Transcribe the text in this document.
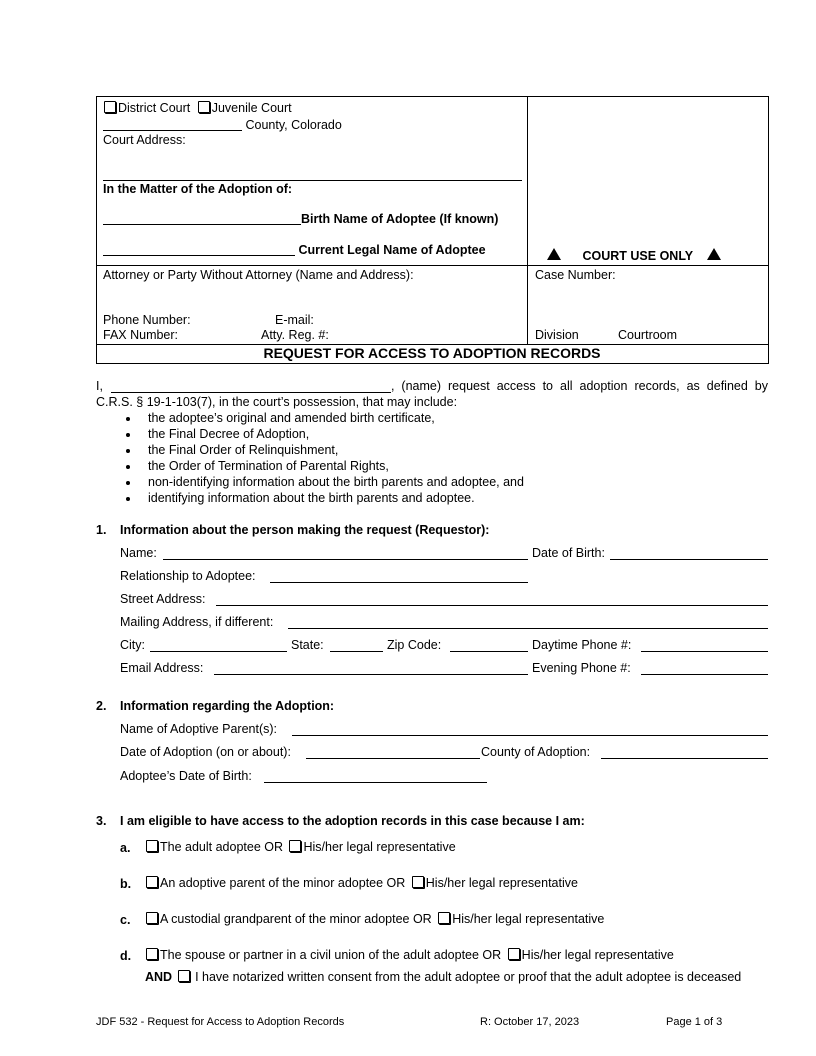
District Court Juvenile Court
County, Colorado
Court Address:
In the Matter of the Adoption of:
Birth Name of Adoptee (If known)
Current Legal Name of Adoptee	COURT USE ONLY
Attorney or Party Without Attorney (Name and Address):
Phone Number:	E-mail:
FAX Number:	Atty. Reg. #:
Case Number:
Division	Courtroom
REQUEST FOR ACCESS TO ADOPTION RECORDS
I,	, (name) request access to all adoption records, as defined by
C.R.S. § 19-1-103(7), in the court’s possession, that may include:
the adoptee’s original and amended birth certificate,
the Final Decree of Adoption,
the Final Order of Relinquishment,
the Order of Termination of Parental Rights,
non-identifying information about the birth parents and adoptee, and
identifying information about the birth parents and adoptee.
1. Information about the person making the request (Requestor):
Name:	Date of Birth:
Relationship to Adoptee:
Street Address:
Mailing Address, if different:
City:	State:	Zip Code:	Daytime Phone #:
Email Address:	Evening Phone #:
2. Information regarding the Adoption:
Name of Adoptive Parent(s):
Date of Adoption (on or about):	County of Adoption:
Adoptee’s Date of Birth:
3. I am eligible to have access to the adoption records in this case because I am:
a.	The adult adoptee OR His/her legal representative
b.	An adoptive parent of the minor adoptee OR His/her legal representative
c.	A custodial grandparent of the minor adoptee OR His/her legal representative
d.	The spouse or partner in a civil union of the adult adoptee OR His/her legal representative
AND I have notarized written consent from the adult adoptee or proof that the adult adoptee is deceased
JDF 532 - Request for Access to Adoption Records	R: October 17, 2023	Page 1 of 3
